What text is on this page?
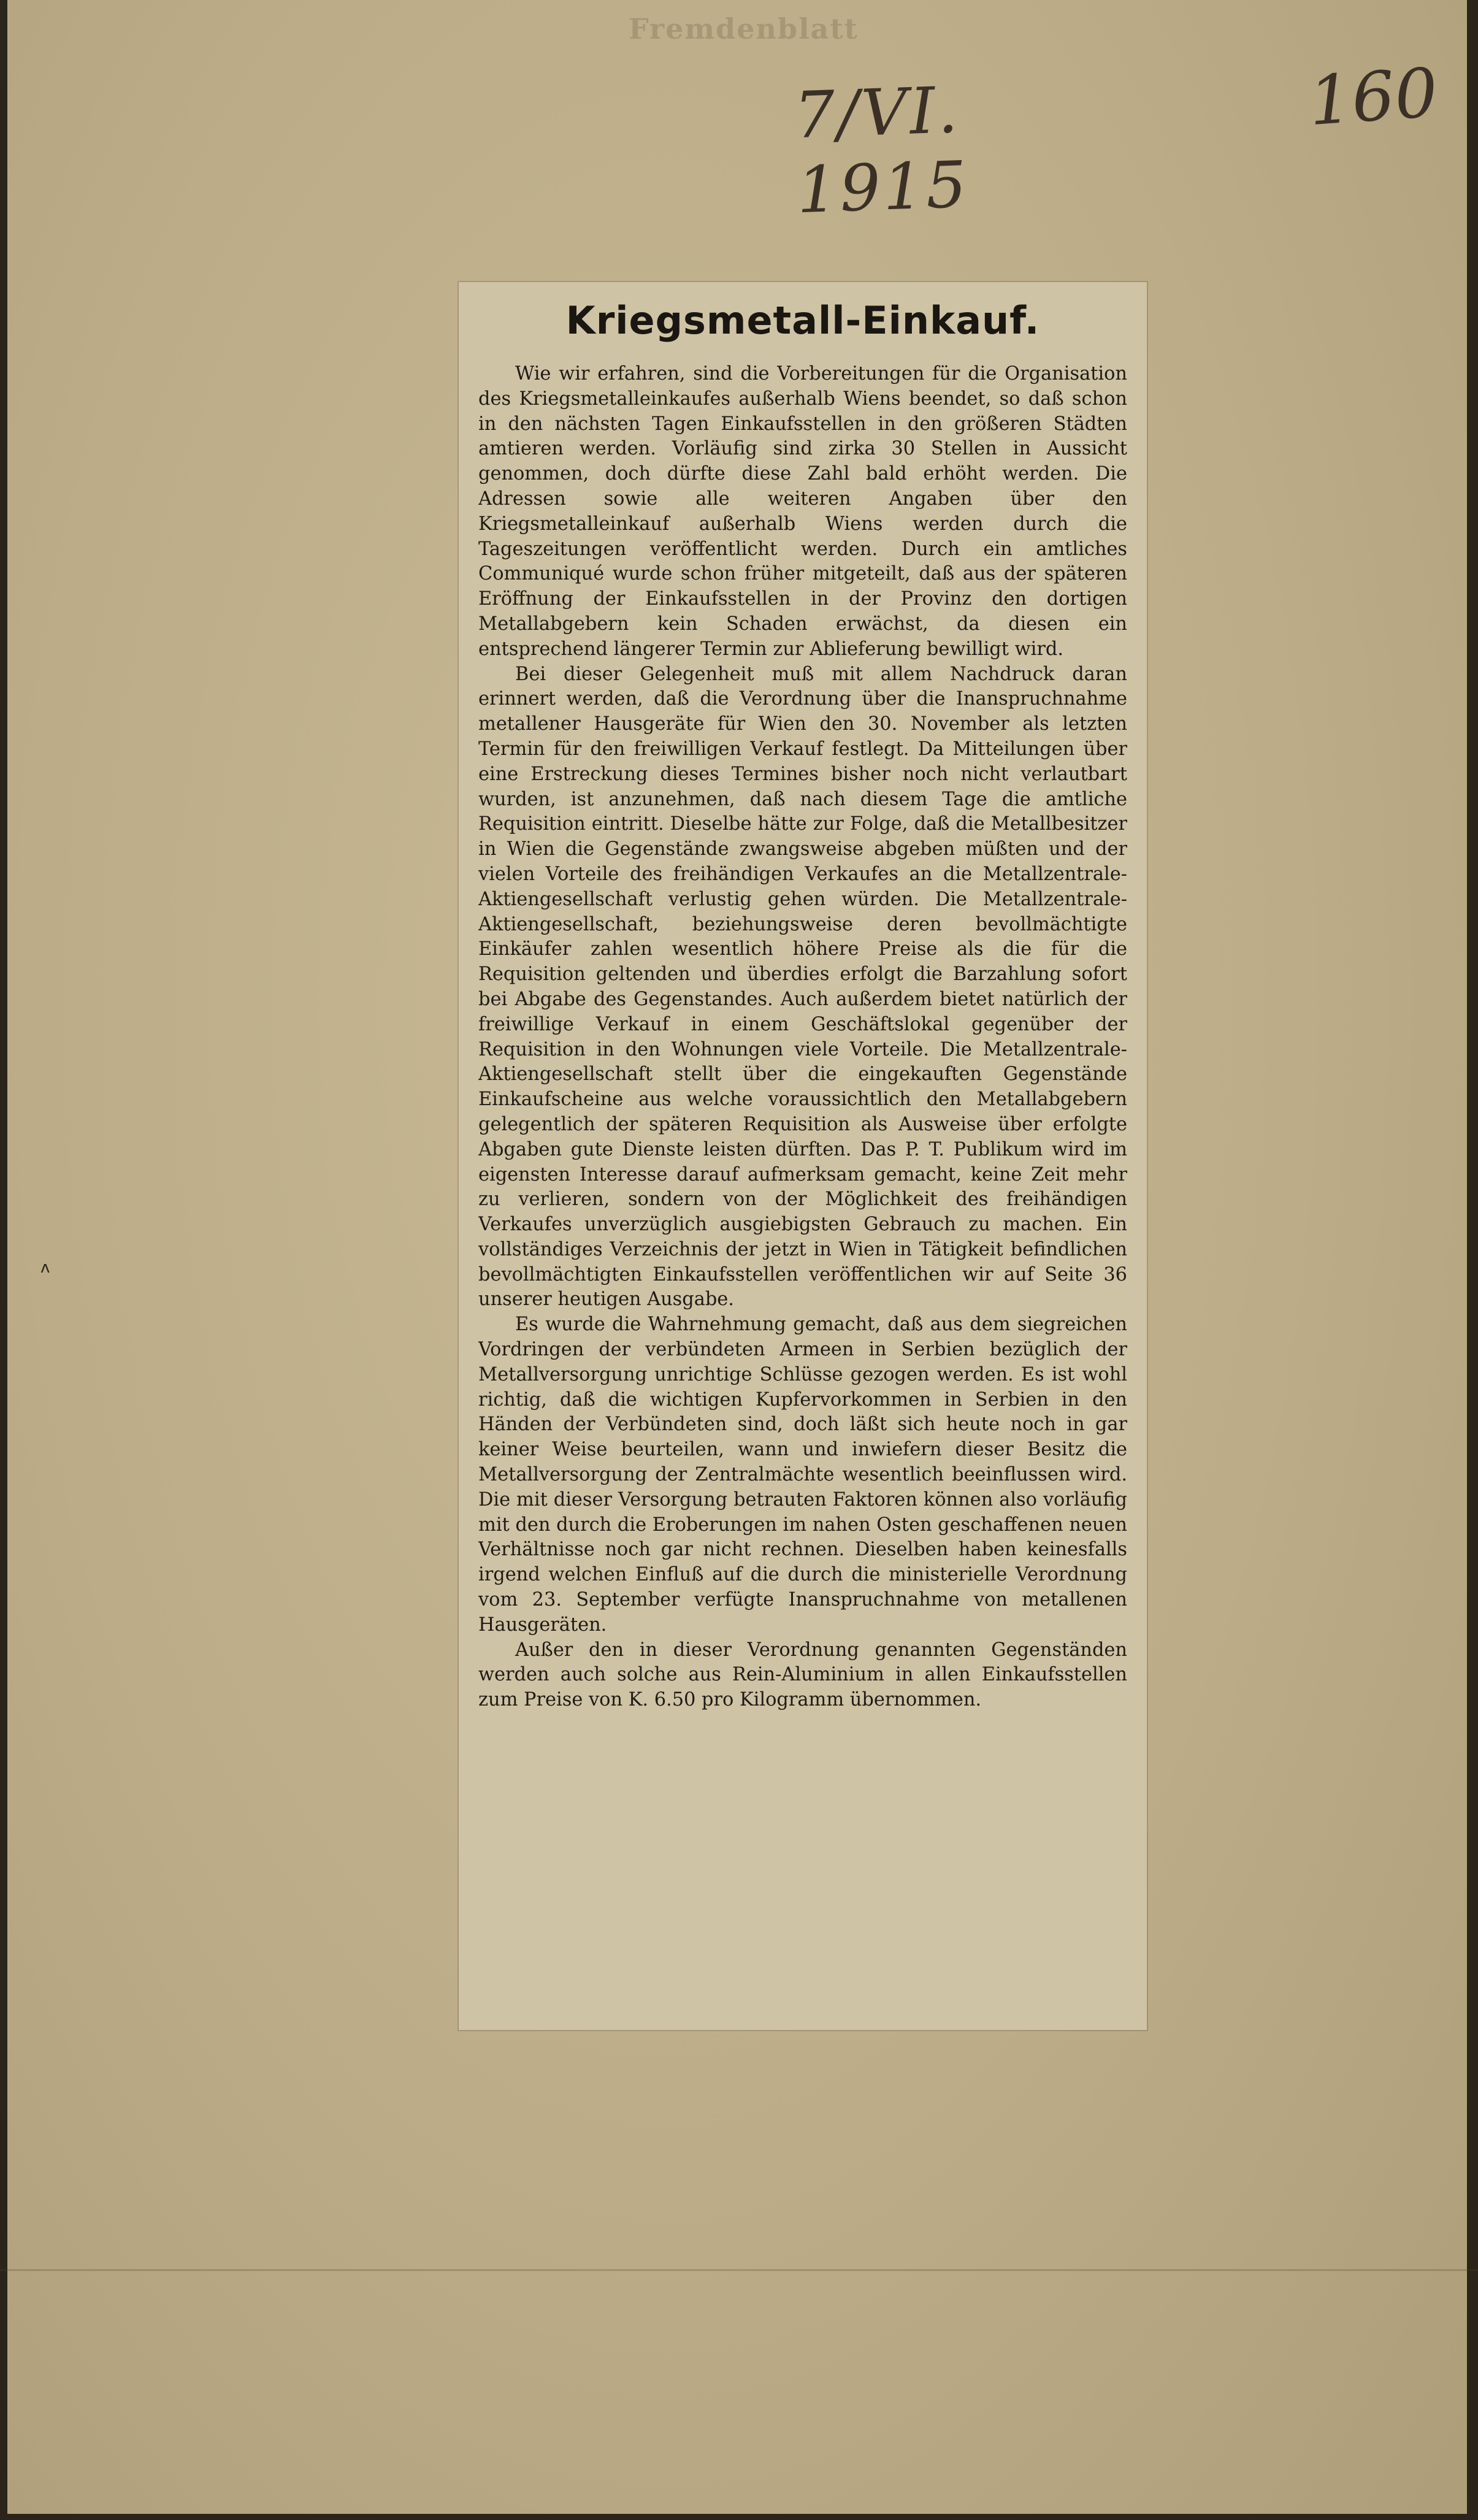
Fremdenblatt
7/VI. 1915
160
ʌ
Kriegsmetall-Einkauf.

Wie wir erfahren, sind die Vorbereitungen für die Organisation des Kriegsmetalleinkaufes außerhalb Wiens beendet, so daß schon in den nächsten Tagen Einkaufsstellen in den größeren Städten amtieren werden. Vorläufig sind zirka 30 Stellen in Aussicht genommen, doch dürfte diese Zahl bald erhöht werden. Die Adressen sowie alle weiteren Angaben über den Kriegsmetalleinkauf außerhalb Wiens werden durch die Tageszeitungen veröffentlicht werden. Durch ein amtliches Communiqué wurde schon früher mitgeteilt, daß aus der späteren Eröffnung der Einkaufsstellen in der Provinz den dortigen Metallabgebern kein Schaden erwächst, da diesen ein entsprechend längerer Termin zur Ablieferung bewilligt wird.

Bei dieser Gelegenheit muß mit allem Nachdruck daran erinnert werden, daß die Verordnung über die Inanspruchnahme metallener Hausgeräte für Wien den 30. November als letzten Termin für den freiwilligen Verkauf festlegt. Da Mitteilungen über eine Erstreckung dieses Termines bisher noch nicht verlautbart wurden, ist anzunehmen, daß nach diesem Tage die amtliche Requisition eintritt. Dieselbe hätte zur Folge, daß die Metallbesitzer in Wien die Gegenstände zwangsweise abgeben müßten und der vielen Vorteile des freihändigen Verkaufes an die Metallzentrale-Aktiengesellschaft verlustig gehen würden. Die Metallzentrale-Aktiengesellschaft, beziehungsweise deren bevollmächtigte Einkäufer zahlen wesentlich höhere Preise als die für die Requisition geltenden und überdies erfolgt die Barzahlung sofort bei Abgabe des Gegenstandes. Auch außerdem bietet natürlich der freiwillige Verkauf in einem Geschäftslokal gegenüber der Requisition in den Wohnungen viele Vorteile. Die Metallzentrale-Aktiengesellschaft stellt über die eingekauften Gegenstände Einkaufscheine aus welche voraussichtlich den Metallabgebern gelegentlich der späteren Requisition als Ausweise über erfolgte Abgaben gute Dienste leisten dürften. Das P. T. Publikum wird im eigensten Interesse darauf aufmerksam gemacht, keine Zeit mehr zu verlieren, sondern von der Möglichkeit des freihändigen Verkaufes unverzüglich ausgiebigsten Gebrauch zu machen. Ein vollständiges Verzeichnis der jetzt in Wien in Tätigkeit befindlichen bevollmächtigten Einkaufsstellen veröffentlichen wir auf Seite 36 unserer heutigen Ausgabe.

Es wurde die Wahrnehmung gemacht, daß aus dem siegreichen Vordringen der verbündeten Armeen in Serbien bezüglich der Metallversorgung unrichtige Schlüsse gezogen werden. Es ist wohl richtig, daß die wichtigen Kupfervorkommen in Serbien in den Händen der Verbündeten sind, doch läßt sich heute noch in gar keiner Weise beurteilen, wann und inwiefern dieser Besitz die Metallversorgung der Zentralmächte wesentlich beeinflussen wird. Die mit dieser Versorgung betrauten Faktoren können also vorläufig mit den durch die Eroberungen im nahen Osten geschaffenen neuen Verhältnisse noch gar nicht rechnen. Dieselben haben keinesfalls irgend welchen Einfluß auf die durch die ministerielle Verordnung vom 23. September verfügte Inanspruchnahme von metallenen Hausgeräten.

Außer den in dieser Verordnung genannten Gegenständen werden auch solche aus Rein-Aluminium in allen Einkaufsstellen zum Preise von K. 6.50 pro Kilogramm übernommen.
